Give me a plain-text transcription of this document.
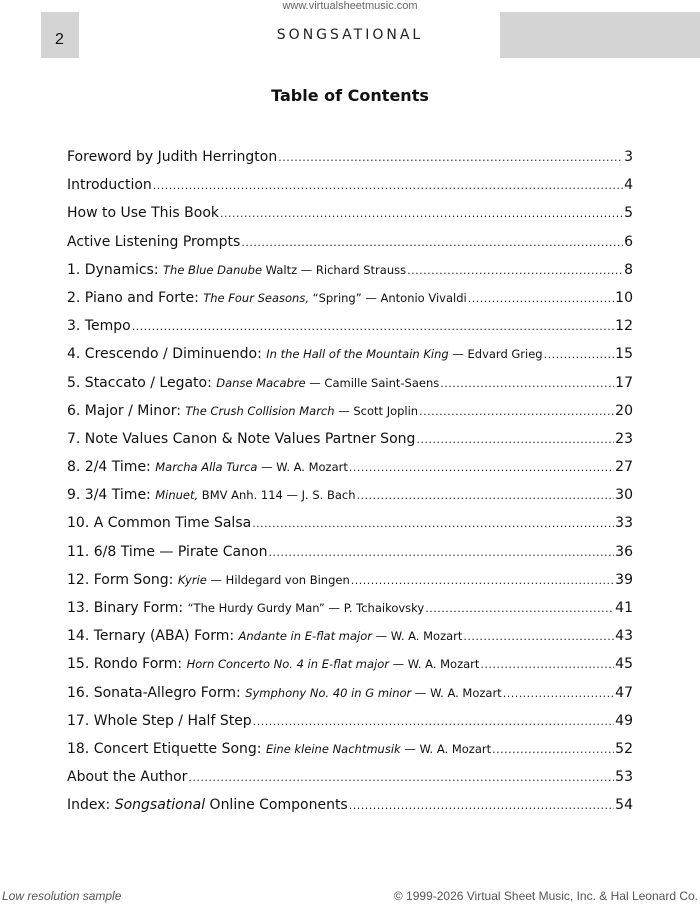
www.virtualsheetmusic.com
2	SONGSATIONAL
Table of Contents
Foreword by Judith Herrington .....	3
Introduction .....	4
How to Use This Book .....	5
Active Listening Prompts .....	6
1. Dynamics: The Blue Danube Waltz — Richard Strauss .....	8
2. Piano and Forte: The Four Seasons, “Spring” — Antonio Vivaldi .....	10
3. Tempo .....	12
4. Crescendo / Diminuendo: In the Hall of the Mountain King — Edvard Grieg .....	15
5. Staccato / Legato: Danse Macabre — Camille Saint-Saens .....	17
6. Major / Minor: The Crush Collision March — Scott Joplin .....	20
7. Note Values Canon & Note Values Partner Song .....	23
8. 2/4 Time: Marcha Alla Turca — W. A. Mozart .....	27
9. 3/4 Time: Minuet, BMV Anh. 114 — J. S. Bach .....	30
10. A Common Time Salsa .....	33
11. 6/8 Time — Pirate Canon .....	36
12. Form Song: Kyrie — Hildegard von Bingen .....	39
13. Binary Form: “The Hurdy Gurdy Man” — P. Tchaikovsky .....	41
14. Ternary (ABA) Form: Andante in E-flat major — W. A. Mozart .....	43
15. Rondo Form: Horn Concerto No. 4 in E-flat major — W. A. Mozart .....	45
16. Sonata-Allegro Form: Symphony No. 40 in G minor — W. A. Mozart .....	47
17. Whole Step / Half Step .....	49
18. Concert Etiquette Song: Eine kleine Nachtmusik — W. A. Mozart .....	52
About the Author .....	53
Index: Songsational Online Components .....	54
Low resolution sample	© 1999-2026 Virtual Sheet Music, Inc. & Hal Leonard Co.
